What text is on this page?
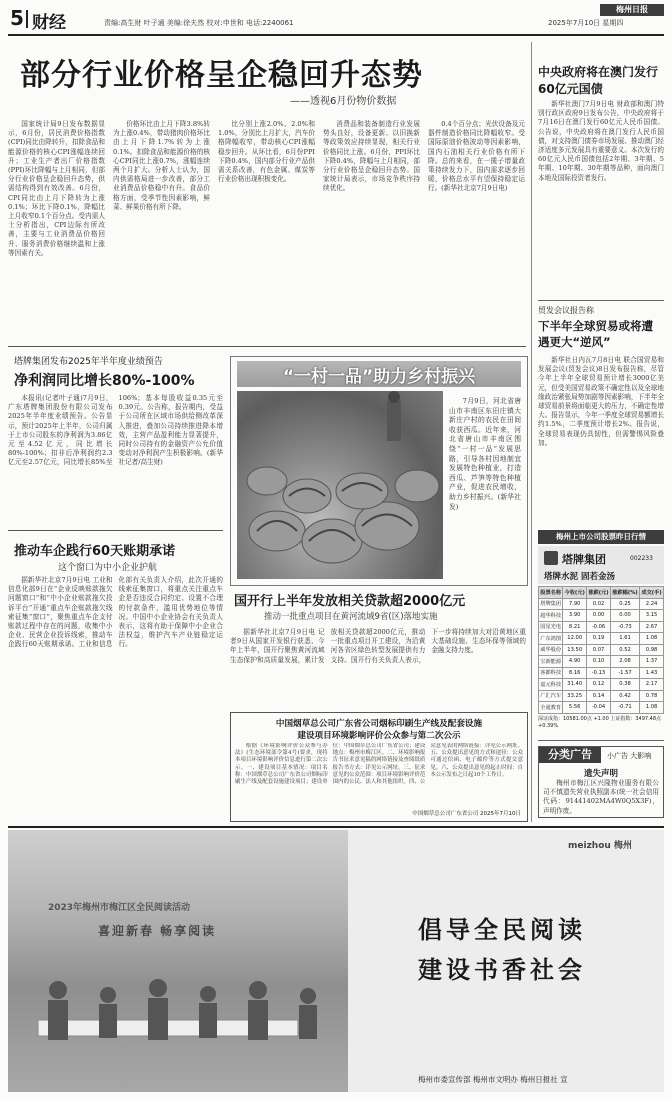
5 财经	责编:高生财 叶子通 美编:徐夫然 校对:申世和 电话:2240061	2025年7月10日 星期四
梅州日报
部分行业价格呈企稳回升态势
——透视6月份物价数据

国家统计局9日发布数据显示，6月份，居民消费价格指数(CPI)同比由降转升，扣除食品和能源价格的核心CPI涨幅连续回升；工业生产者出厂价格指数(PPI)环比降幅与上月相同，但部分行业价格呈企稳回升态势，供需结构得到有效改善。6月份，CPI同比由上月下降转为上涨0.1%；环比下降0.1%，降幅比上月收窄0.1个百分点。受内需人士分析指出，CPI边际有所改善，主要与工业消费品价格回升、服务消费价格继续温和上涨等因素有关。

价格环比由上月下降3.8%转为上涨0.4%，带动猪肉价格环比由上月下降1.7%转为上涨0.1%。扣除食品和能源价格的核心CPI同比上涨0.7%，涨幅连续两个月扩大。分析人士认为，国内供需格局进一步改善，部分工业消费品价格稳中有升。食品价格方面，受季节性因素影响，鲜菜、鲜果价格有所下降。

比分别上涨2.0%、2.0%和1.0%，分别比上月扩大，汽车价格降幅收窄，带动核心CPI涨幅稳步回升。从环比看，6月份PPI下降0.4%，国内部分行业产品供需关系改善，有色金属、煤炭等行业价格出现积极变化。

消费品和装备制造行业发展势头良好，设备更新、以旧换新等政策效应持续显现，相关行业价格同比上涨。6月份，PPI环比下降0.4%，降幅与上月相同，部分行业价格呈企稳回升态势。国家统计局表示，市场竞争秩序持续优化。

0.4个百分点；光伏设备及元器件制造价格同比降幅收窄。受国际原油价格波动等因素影响，国内石油相关行业价格有所下降。总的来看，在一揽子增量政策持续发力下，国内需求逐步回暖，价格总水平有望保持稳定运行。(新华社北京7月9日电)

中央政府将在澳门发行60亿元国债

新华社澳门7月9日电 财政部和澳门特别行政区政府9日发布公告，中央政府将于7月16日在澳门发行60亿元人民币国债。公告说，中央政府将在澳门发行人民币国债，对支持澳门债券市场发展、推动澳门经济适度多元发展具有重要意义。本次发行的60亿元人民币国债包括2年期、3年期、5年期、10年期、30年期等品种，面向澳门本地及国际投资者发行。

贸发会议报告称
下半年全球贸易或将遭遇更大“逆风”

新华社日内瓦7月8日电 联合国贸易和发展会议(贸发会议)8日发布报告称，尽管今年上半年全球贸易预计增长3000亿美元，但受美国贸易政策不确定性以及全球地缘政治紧张局势加剧等因素影响，下半年全球贸易前景将面临更大的压力，不确定性增大。报告显示，今年一季度全球贸易额增长约1.5%，二季度预计增长2%。报告说，全球贸易表现仍具韧性，但需警惕风险叠加。

梅州上市公司股票昨日行情
塔牌集团	002233
塔牌水泥 固若金汤
股票名称	今收(元)	涨跌(元)	涨跌幅(%)	成交(手)
塔牌集团	7.90	0.02	0.25	2.24
超华科技	3.90	0.00	0.00	3.15
国星光电	8.21	-0.06	-0.73	2.67
广东鸿图	12.00	0.19	1.61	1.08
威华股份	13.50	0.07	0.52	0.98
宝新能源	4.90	0.10	2.08	1.37
客都科技	8.16	-0.13	-1.57	1.43
嘉元科技	31.40	0.12	0.38	2.17
广汇汽车	33.25	0.14	0.42	0.78
全通教育	5.56	-0.04	-0.71	1.08
深证成指：10581.00点 +1.00 上证指数：3497.48点 +0.39%
分类广告	小广告 大影响
遗失声明

梅州市梅江区兴隆物业服务有限公司不慎遗失营业执照副本(统一社会信用代码：91441402MA4W0Q5X3F)，声明作废。

塔牌集团发布2025年半年度业绩预告
净利润同比增长80%-100%

本报讯(记者叶子通)7月9日，广东塔牌集团股份有限公司发布2025年半年度业绩预告。公告显示，预计2025年上半年，公司归属于上市公司股东的净利润为3.86亿元至4.52亿元，同比增长80%-100%；扣非后净利润约2.3亿元至2.57亿元，同比增长85%至106%；基本每股收益0.35元至0.39元。公告称，报告期内，受益于公司所在区域市场供给侧改革深入推进，叠加公司持续推进降本增效，主营产品盈利能力显著提升，同时公司持有的金融资产公允价值变动对净利润产生积极影响。(新华社记者/高生财)

“一村一品”助力乡村振兴

7月9日，河北省唐山市丰南区东田庄镇大新庄户村的农民在田间收获西瓜。近年来，河北省唐山市丰南区围绕“一村一品”发展思路，引导各村因地制宜发展特色种植业，打造西瓜、芦笋等特色种植产业，促进农民增收，助力乡村振兴。(新华社发)

推动车企践行60天账期承诺
这个窗口为中小企业护航

据新华社北京7月9日电 工业和信息化部9日在“企业反映账款拖欠问题窗口”和“中小企业账款拖欠投诉平台”开通“重点车企账款拖欠线索征集“窗口”，聚焦重点车企支付账款过程中存在的问题，收集中小企业、民营企业投诉线索，推动车企践行60天账期承诺。工业和信息化部有关负责人介绍，此次开通的线索征集窗口，将重点关注重点车企是否违反合同约定、设置不合理的付款条件，滥用优势地位等情况。中国中小企业协会有关负责人表示，这将有助于保障中小企业合法权益，维护汽车产业链稳定运行。

国开行上半年发放相关贷款超2000亿元
推动一批重点项目在黄河流域9省(区)落地实施

据新华社北京7月9日电 记者9日从国家开发银行获悉，今年上半年，国开行聚焦黄河流域生态保护和高质量发展，累计发放相关贷款超2000亿元，推动一批重点项目开工建设，为沿黄河各省区绿色转型发展提供有力支持。国开行有关负责人表示，下一步将持续加大对沿黄地区重大基础设施、生态环保等领域的金融支持力度。

中国烟草总公司广东省公司烟标印刷生产线及配套设施
建设项目环境影响评价公众参与第二次公示

根据《环境影响评价公众参与办法》(生态环境部令第4号)要求，现将本项目环境影响评价信息进行第二次公示。一、建设项目基本情况：项目名称：中国烟草总公司广东省公司烟标印刷生产线及配套设施建设项目；建设单位：中国烟草总公司广东省公司；建设地点：梅州市梅江区。二、环境影响报告书征求意见稿的网络链接及查阅纸质报告书方式：详见公示网址。三、征求意见的公众范围：项目环境影响评价范围内的公民、法人和其他组织。四、公众意见表的网络链接：详见公示网址。五、公众提出意见的方式和途径：公众可通过信函、电子邮件等方式提交意见。六、公众提出意见的起止时间：自本公示发布之日起10个工作日。

中国烟草总公司广东省公司 2025年7月10日
2023年梅州市梅江区全民阅读活动
喜迎新春 畅享阅读
meizhou 梅州
倡导全民阅读
建设书香社会
梅州市委宣传部 梅州市文明办 梅州日报社 宣
